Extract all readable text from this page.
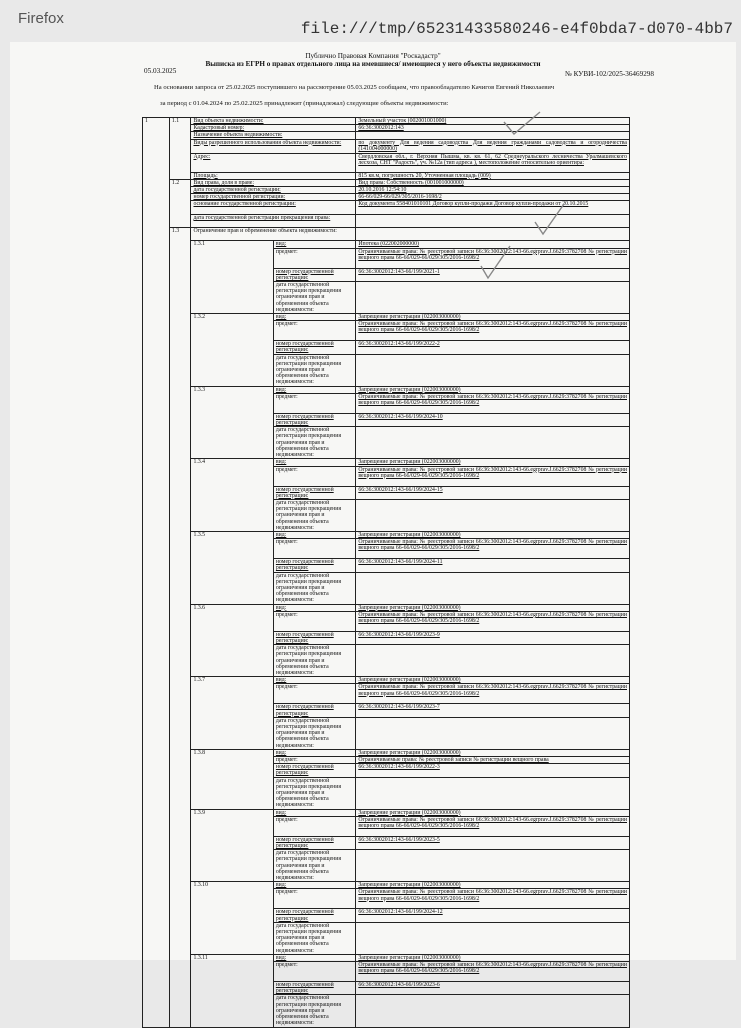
Firefox
file:///tmp/65231433580246-e4f0bda7-d070-4bb7
Публично Правовая Компания "Роскадастр"
Выписка из ЕГРН о правах отдельного лица на имевшиеся/ имеющиеся у него объекты недвижимости
05.03.2025	№ КУВИ-102/2025-36469298
На основании запроса от 25.02.2025 поступившего на рассмотрение 05.03.2025 сообщаем, что правообладателю Качигов Евгений Николаевич
за период с 01.04.2024 по 25.02.2025 принадлежит (принадлежал) следующие объекты недвижимости:
1	1.1	Вид объекта недвижимости:		Земельный участок (002001001000)
		Кадастровый номер:		66:36:3002012:143
		Назначение объекта недвижимости:		
		Виды разрешенного использования объекта недвижимости:		по документу Для ведения садоводства Для ведения гражданами садоводства и огородничества (141004000000)
		Адрес:		Свердловская обл., г. Верхняя Пышма, кв. кв. 61, 62 Среднеуральского лесничества Уралмашевского лесхоза, СНТ "Радость", уч. №12а (тип адреса ), местоположение относительно ориентира:
		Площадь:		815 кв.м, погрешность 20, Уточненная площадь (009)
	1.2	Вид права, доля в праве:		Вид права: Собственность (001001000000)
		дата государственной регистрации:		20.10.2016 12:54:10
		номер государственной регистрации:		66-66/029-66/029/305/2016-1698/2
		основание государственной регистрации:		Код документа 558401010101 Договор купли-продажи Договор купли-продажи от 20.10.2015
		дата государственной регистрации прекращения права:		
	1.3	Ограничение прав и обременение объекта недвижимости:		
		1.3.1	вид:	Ипотека (022002000000)
			предмет:	Ограничиваемые права: № реестровой записи 66:36:3002012:143-66.egrprav.J.6629:3782708 № регистрации вещного права 66-66/029-66/029/305/2016-1698/2
			номер государственной регистрации:	66:36:3002012:143-66/199/2021-1
			дата государственной регистрации прекращения ограничения прав и обременения объекта недвижимости:	
		1.3.2	вид:	Запрещение регистрации (022003000000)
			предмет:	Ограничиваемые права: № реестровой записи 66:36:3002012:143-66.egrprav.J.6629:3782708 № регистрации вещного права 66-66/029-66/029/305/2016-1698/2
			номер государственной регистрации:	66:36:3002012:143-66/199/2022-2
			дата государственной регистрации прекращения ограничения прав и обременения объекта недвижимости:	
		1.3.3	вид:	Запрещение регистрации (022003000000)
			предмет:	Ограничиваемые права: № реестровой записи 66:36:3002012:143-66.egrprav.J.6629:3782708 № регистрации вещного права 66-66/029-66/029/305/2016-1698/2
			номер государственной регистрации:	66:36:3002012:143-66/199/2024-10
			дата государственной регистрации прекращения ограничения прав и обременения объекта недвижимости:	
		1.3.4	вид:	Запрещение регистрации (022003000000)
			предмет:	Ограничиваемые права: № реестровой записи 66:36:3002012:143-66.egrprav.J.6629:3782708 № регистрации вещного права 66-66/029-66/029/305/2016-1698/2
			номер государственной регистрации:	66:36:3002012:143-66/199/2024-15
			дата государственной регистрации прекращения ограничения прав и обременения объекта недвижимости:	
		1.3.5	вид:	Запрещение регистрации (022003000000)
			предмет:	Ограничиваемые права: № реестровой записи 66:36:3002012:143-66.egrprav.J.6629:3782708 № регистрации вещного права 66-66/029-66/029/305/2016-1698/2
			номер государственной регистрации:	66:36:3002012:143-66/199/2024-11
			дата государственной регистрации прекращения ограничения прав и обременения объекта недвижимости:	
		1.3.6	вид:	Запрещение регистрации (022003000000)
			предмет:	Ограничиваемые права: № реестровой записи 66:36:3002012:143-66.egrprav.J.6629:3782708 № регистрации вещного права 66-66/029-66/029/305/2016-1698/2
			номер государственной регистрации:	66:36:3002012:143-66/199/2023-9
			дата государственной регистрации прекращения ограничения прав и обременения объекта недвижимости:	
		1.3.7	вид:	Запрещение регистрации (022003000000)
			предмет:	Ограничиваемые права: № реестровой записи 66:36:3002012:143-66.egrprav.J.6629:3782708 № регистрации вещного права 66-66/029-66/029/305/2016-1698/2
			номер государственной регистрации:	66:36:3002012:143-66/199/2023-7
			дата государственной регистрации прекращения ограничения прав и обременения объекта недвижимости:	
		1.3.8	вид:	Запрещение регистрации (022003000000)
			предмет:	Ограничиваемые права: № реестровой записи № регистрации вещного права
			номер государственной регистрации:	66:36:3002012:143-66/199/2022-3
			дата государственной регистрации прекращения ограничения прав и обременения объекта недвижимости:	
		1.3.9	вид:	Запрещение регистрации (022003000000)
			предмет:	Ограничиваемые права: № реестровой записи 66:36:3002012:143-66.egrprav.J.6629:3782708 № регистрации вещного права 66-66/029-66/029/305/2016-1698/2
			номер государственной регистрации:	66:36:3002012:143-66/199/2023-5
			дата государственной регистрации прекращения ограничения прав и обременения объекта недвижимости:	
		1.3.10	вид:	Запрещение регистрации (022003000000)
			предмет:	Ограничиваемые права: № реестровой записи 66:36:3002012:143-66.egrprav.J.6629:3782708 № регистрации вещного права 66-66/029-66/029/305/2016-1698/2
			номер государственной регистрации:	66:36:3002012:143-66/199/2024-12
			дата государственной регистрации прекращения ограничения прав и обременения объекта недвижимости:	
		1.3.11	вид:	Запрещение регистрации (022003000000)
			предмет:	Ограничиваемые права: № реестровой записи 66:36:3002012:143-66.egrprav.J.6629:3782708 № регистрации вещного права 66-66/029-66/029/305/2016-1698/2
			номер государственной регистрации:	66:36:3002012:143-66/199/2023-6
			дата государственной регистрации прекращения ограничения прав и обременения объекта недвижимости:	
